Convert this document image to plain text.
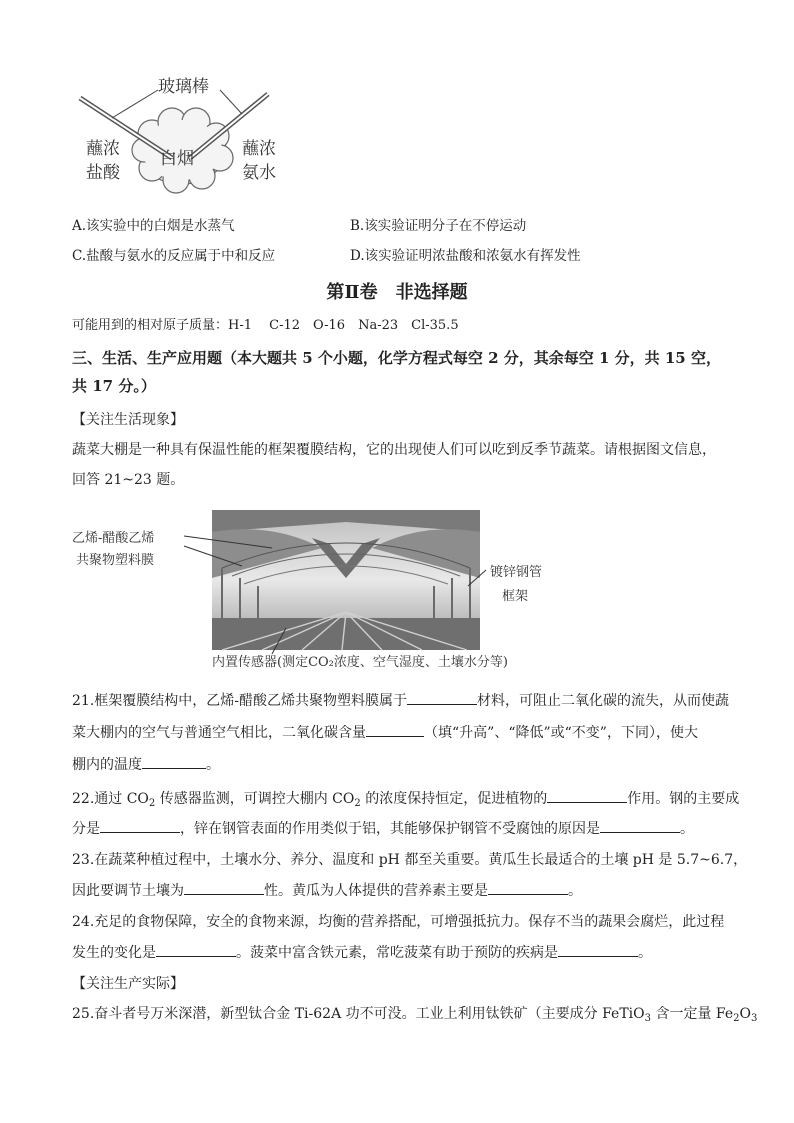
玻璃棒
蘸浓
盐酸
白烟	蘸浓
氨水
A.该实验中的白烟是水蒸气	B.该实验证明分子在不停运动
C.盐酸与氨水的反应属于中和反应	D.该实验证明浓盐酸和浓氨水有挥发性
第Ⅱ卷　非选择题
可能用到的相对原子质量：H-1　 C-12　O-16　Na-23　Cl-35.5
三、生活、生产应用题（本大题共 5 个小题，化学方程式每空 2 分，其余每空 1 分，共 15 空，
共 17 分。）
【关注生活现象】
蔬菜大棚是一种具有保温性能的框架覆膜结构，它的出现使人们可以吃到反季节蔬菜。请根据图文信息，
回答 21~23 题。
乙烯-醋酸乙烯
共聚物塑料膜
镀锌钢管
框架
内置传感器(测定CO₂浓度、空气湿度、土壤水分等)
21.框架覆膜结构中，乙烯-醋酸乙烯共聚物塑料膜属于	材料，可阻止二氧化碳的流失，从而使蔬
菜大棚内的空气与普通空气相比，二氧化碳含量	（填“升高”、“降低”或“不变”，下同），使大
棚内的温度	。
22.通过 $CO_2$ 传感器监测，可调控大棚内 $CO_2$ 的浓度保持恒定，促进植物的	作用。钢的主要成
分是	，锌在钢管表面的作用类似于铝，其能够保护钢管不受腐蚀的原因是	。
23.在蔬菜种植过程中，土壤水分、养分、温度和 pH 都至关重要。黄瓜生长最适合的土壤 pH 是 5.7~6.7，
因此要调节土壤为	性。黄瓜为人体提供的营养素主要是	。
24.充足的食物保障，安全的食物来源，均衡的营养搭配，可增强抵抗力。保存不当的蔬果会腐烂，此过程
发生的变化是	。菠菜中富含铁元素，常吃菠菜有助于预防的疾病是	。
【关注生产实际】
25.奋斗者号万米深潜，新型钛合金 Ti-62A 功不可没。工业上利用钛铁矿（主要成分 FeTiO$_3$ 含一定量 $Fe_2O_3$
